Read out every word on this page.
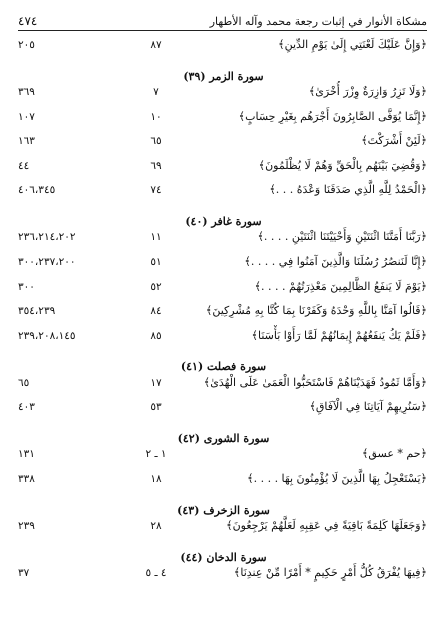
٤٧٤	مشكاة الأنوار في إثبات رجعة محمد وآله الأطهار
٢٠٥	٨٧	﴿وَإِنَّ عَلَيْكَ لَعْنَتِي إِلَىٰ يَوْمِ الدِّينِ﴾
سورة الزمر (٣٩)
٣٦٩	٧	﴿وَلَا تَزِرُ وَازِرَةٌ وِزْرَ أُخْرَىٰ﴾
١٠٧	١٠	﴿إِنَّمَا يُوَفَّى الصَّابِرُونَ أَجْرَهُم بِغَيْرِ حِسَابٍ﴾
١٦٣	٦٥	﴿لَئِنْ أَشْرَكْتَ﴾
٤٤	٦٩	﴿وَقُضِيَ بَيْنَهُم بِالْحَقِّ وَهُمْ لَا يُظْلَمُونَ﴾
٤٠٦،٣٤٥	٧٤	﴿الْحَمْدُ لِلَّهِ الَّذِي صَدَقَنَا وَعْدَهُ . . .﴾
سورة غافر (٤٠)
٢٣٦،٢١٤،٢٠٢	١١	﴿رَبَّنَا أَمَتَّنَا اثْنَتَيْنِ وَأَحْيَيْتَنَا اثْنَتَيْنِ . . . .﴾
٣٠٠،٢٣٧،٢٠٠	٥١	﴿إِنَّا لَنَنصُرُ رُسُلَنَا وَالَّذِينَ آمَنُوا فِي . . . .﴾
٣٠٠	٥٢	﴿يَوْمَ لَا يَنفَعُ الظَّالِمِينَ مَعْذِرَتُهُمْ . . . .﴾
٣٥٤،٢٣٩	٨٤	﴿قَالُوا آمَنَّا بِاللَّهِ وَحْدَهُ وَكَفَرْنَا بِمَا كُنَّا بِهِ مُشْرِكِينَ﴾
٢٣٩،٢٠٨،١٤٥	٨٥	﴿فَلَمْ يَكُ يَنفَعُهُمْ إِيمَانُهُمْ لَمَّا رَأَوْا بَأْسَنَا﴾
سورة فصلت (٤١)
٦٥	١٧	﴿وَأَمَّا ثَمُودُ فَهَدَيْنَاهُمْ فَاسْتَحَبُّوا الْعَمَىٰ عَلَى الْهُدَىٰ﴾
٤٠٣	٥٣	﴿سَنُرِيهِمْ آيَاتِنَا فِي الْآفَاقِ﴾
سورة الشورى (٤٢)
١٣١	١ ـ ٢	﴿حم * عسق﴾
٣٣٨	١٨	﴿يَسْتَعْجِلُ بِهَا الَّذِينَ لَا يُؤْمِنُونَ بِهَا . . . .﴾
سورة الزخرف (٤٣)
٢٣٩	٢٨	﴿وَجَعَلَهَا كَلِمَةً بَاقِيَةً فِي عَقِبِهِ لَعَلَّهُمْ يَرْجِعُونَ﴾
سورة الدخان (٤٤)
٣٧	٤ ـ ٥	﴿فِيهَا يُفْرَقُ كُلُّ أَمْرٍ حَكِيمٍ * أَمْرًا مِّنْ عِندِنَا﴾
